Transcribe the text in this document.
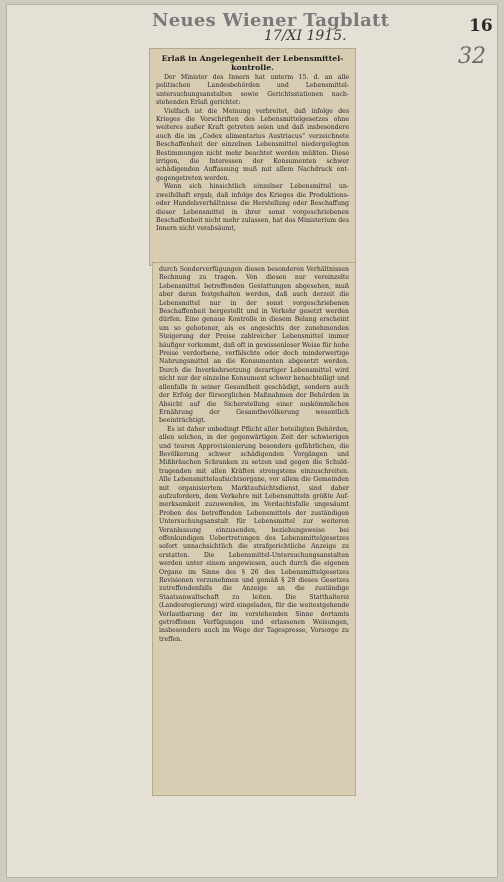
Neues Wiener Tagblatt	16
17/XI 1915.
32
Erlaß in Angelegenheit der Lebensmittelkontrolle.

Der Minister des Innern hat unterm 15. d. an alle politischen Landesbehörden und Lebensmitteluntersuchungsanstalten sowie Gerichtsstationen nachstehenden Erlaß gerichtet:

Vielfach ist die Meinung verbreitet, daß infolge des Krieges die Vorschriften des Lebensmittelgesetzes ohne weiteres außer Kraft getreten seien und daß insbesondere auch die im „Codex alimentarius Austriacus“ verzeichnete Beschaffenheit der einzelnen Lebensmittel niedergelegten Bestimmungen nicht mehr beachtet werden müßten. Diese irrigen, die Interessen der Konsumenten schwer schädigenden Auffassung muß mit allem Nachdruck entgegengetreten werden.

Wenn sich hinsichtlich einzelner Lebensmittel unzweifelhaft ergab, daß infolge des Krieges die Produktions- oder Handelsverhältnisse die Herstellung oder Beschaffung dieser Lebensmittel in ihrer sonst vorgeschriebenen Beschaffenheit nicht mehr zulassen, hat das Ministerium des Innern nicht verabsäumt,

durch Sonderverfügungen diesen besonderen Verhältnissen Rechnung zu tragen. Von diesen nur vereinzelte Lebensmittel betreffenden Gestattungen abgesehen, muß aber daran festgehalten werden, daß auch derzeit die Lebensmittel nur in der sonst vorgeschriebenen Beschaffenheit hergestellt und in Verkehr gesetzt werden dürfen. Eine genaue Kontrolle in diesem Belang erscheint um so gebotener, als es angesichts der zunehmenden Steigerung der Preise zahlreicher Lebensmittel immer häufiger vorkommt, daß oft in gewissenloser Weise für hohe Preise verdorbene, verfälschte oder doch minderwertige Nahrungsmittel an die Konsumenten abgesetzt werden. Durch die Inverkehrsetzung derartiger Lebensmittel wird nicht nur der einzelne Konsument schwer benachteiligt und allenfalls in seiner Gesundheit geschädigt, sondern auch der Erfolg der fürsorglichen Maßnahmen der Behörden in Absicht auf die Sicherstellung einer auskömmlichen Ernährung der Gesamtbevölkerung wesentlich beeinträchtigt.

Es ist daher unbedingt Pflicht aller beteiligten Behörden, allen solchen, in der gegenwärtigen Zeit der schwierigen und teuren Approvisionierung besonders gefährlichen, die Bevölkerung schwer schädigenden Vorgängen und Mißbräuchen Schranken zu setzen und gegen die Schuldtragenden mit allen Kräften strengstens einzuschreiten. Alle Lebensmittelaufsichtsorgane, vor allem die Gemeinden mit organisiertem Marktaufsichtsdienst, sind daher aufzufordern, dem Verkehre mit Lebensmitteln größte Aufmerksamkeit zuzuwenden, im Verdachtsfalle ungesäumt Proben des betreffenden Lebensmittels der zuständigen Untersuchungsanstalt für Lebensmittel zur weiteren Veranlassung einzusenden, beziehungsweise bei offenkundigen Uebertretungen des Lebensmittelgesetzes sofort unnachsichtlich die strafgerichtliche Anzeige zu erstatten. Die Lebensmittel-Untersuchungsanstalten werden unter einem angewiesen, auch durch die eigenen Organe im Sinne des § 26 des Lebensmittelgesetzes Revisionen vorzunehmen und gemäß § 28 dieses Gesetzes zutreffendenfalls die Anzeige an die zuständige Staatsanwaltschaft zu leiten. Die Statthalterei (Landesregierung) wird eingeladen, für die weitestgehende Verlautbarung der im vorstehenden Sinne dortamts getroffenen Verfügungen und erlassenen Weisungen, insbesondere auch im Wege der Tagespresse, Vorsorge zu treffen.
